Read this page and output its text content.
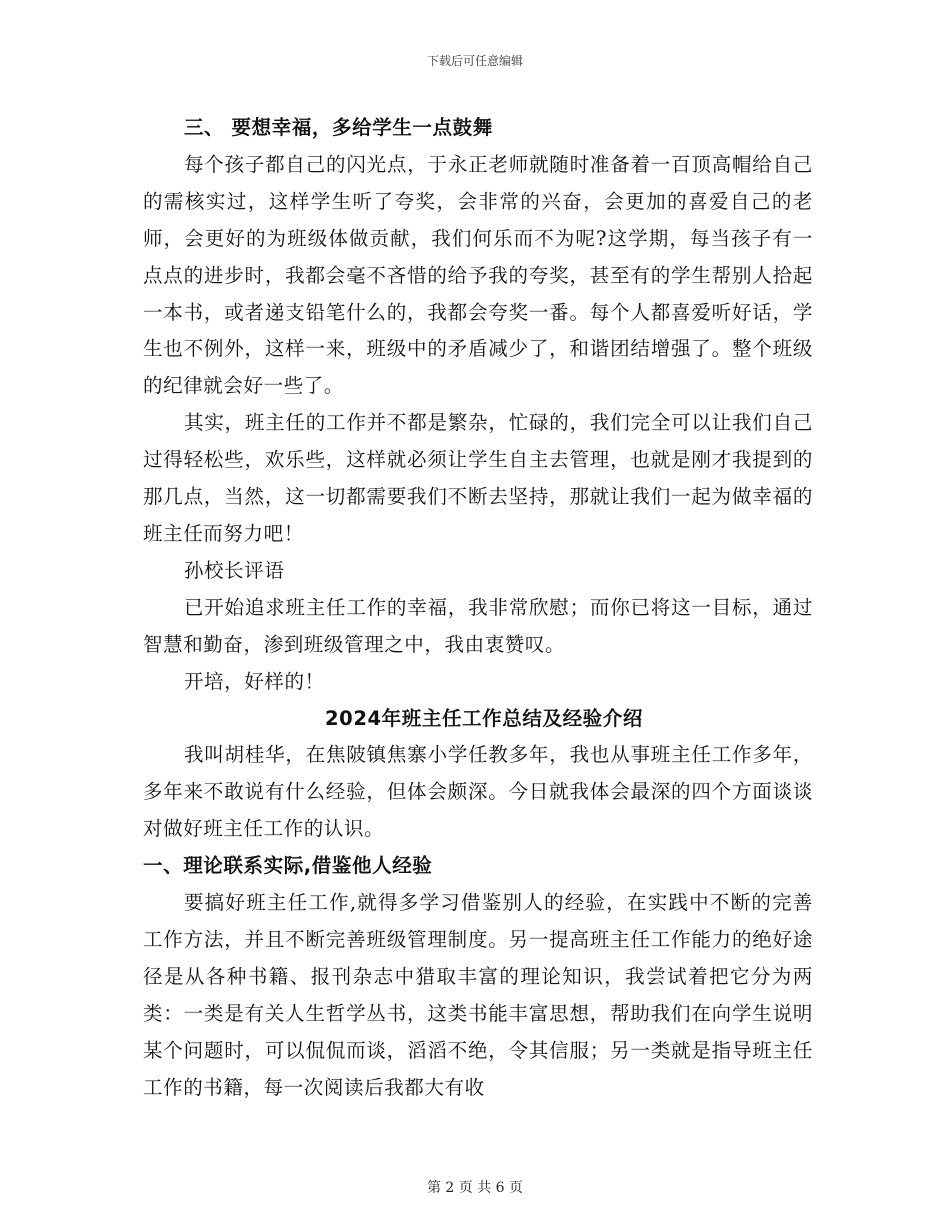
下载后可任意编辑

三、 要想幸福，多给学生一点鼓舞

每个孩子都自己的闪光点，于永正老师就随时准备着一百顶高帽给自己的需核实过，这样学生听了夸奖，会非常的兴奋，会更加的喜爱自己的老师，会更好的为班级体做贡献，我们何乐而不为呢?这学期，每当孩子有一点点的进步时，我都会毫不吝惜的给予我的夸奖，甚至有的学生帮别人拾起一本书，或者递支铅笔什么的，我都会夸奖一番。每个人都喜爱听好话，学生也不例外，这样一来，班级中的矛盾减少了，和谐团结增强了。整个班级的纪律就会好一些了。

其实，班主任的工作并不都是繁杂，忙碌的，我们完全可以让我们自己过得轻松些，欢乐些，这样就必须让学生自主去管理，也就是刚才我提到的那几点，当然，这一切都需要我们不断去坚持，那就让我们一起为做幸福的班主任而努力吧！

孙校长评语

已开始追求班主任工作的幸福，我非常欣慰；而你已将这一目标，通过智慧和勤奋，渗到班级管理之中，我由衷赞叹。

开培，好样的！

2024年班主任工作总结及经验介绍

我叫胡桂华，在焦陂镇焦寨小学任教多年，我也从事班主任工作多年，多年来不敢说有什么经验，但体会颇深。今日就我体会最深的四个方面谈谈对做好班主任工作的认识。

一、理论联系实际,借鉴他人经验

要搞好班主任工作,就得多学习借鉴别人的经验，在实践中不断的完善工作方法，并且不断完善班级管理制度。另一提高班主任工作能力的绝好途径是从各种书籍、报刊杂志中猎取丰富的理论知识，我尝试着把它分为两类：一类是有关人生哲学丛书，这类书能丰富思想，帮助我们在向学生说明某个问题时，可以侃侃而谈，滔滔不绝，令其信服；另一类就是指导班主任工作的书籍，每一次阅读后我都大有收

第 2 页 共 6 页
